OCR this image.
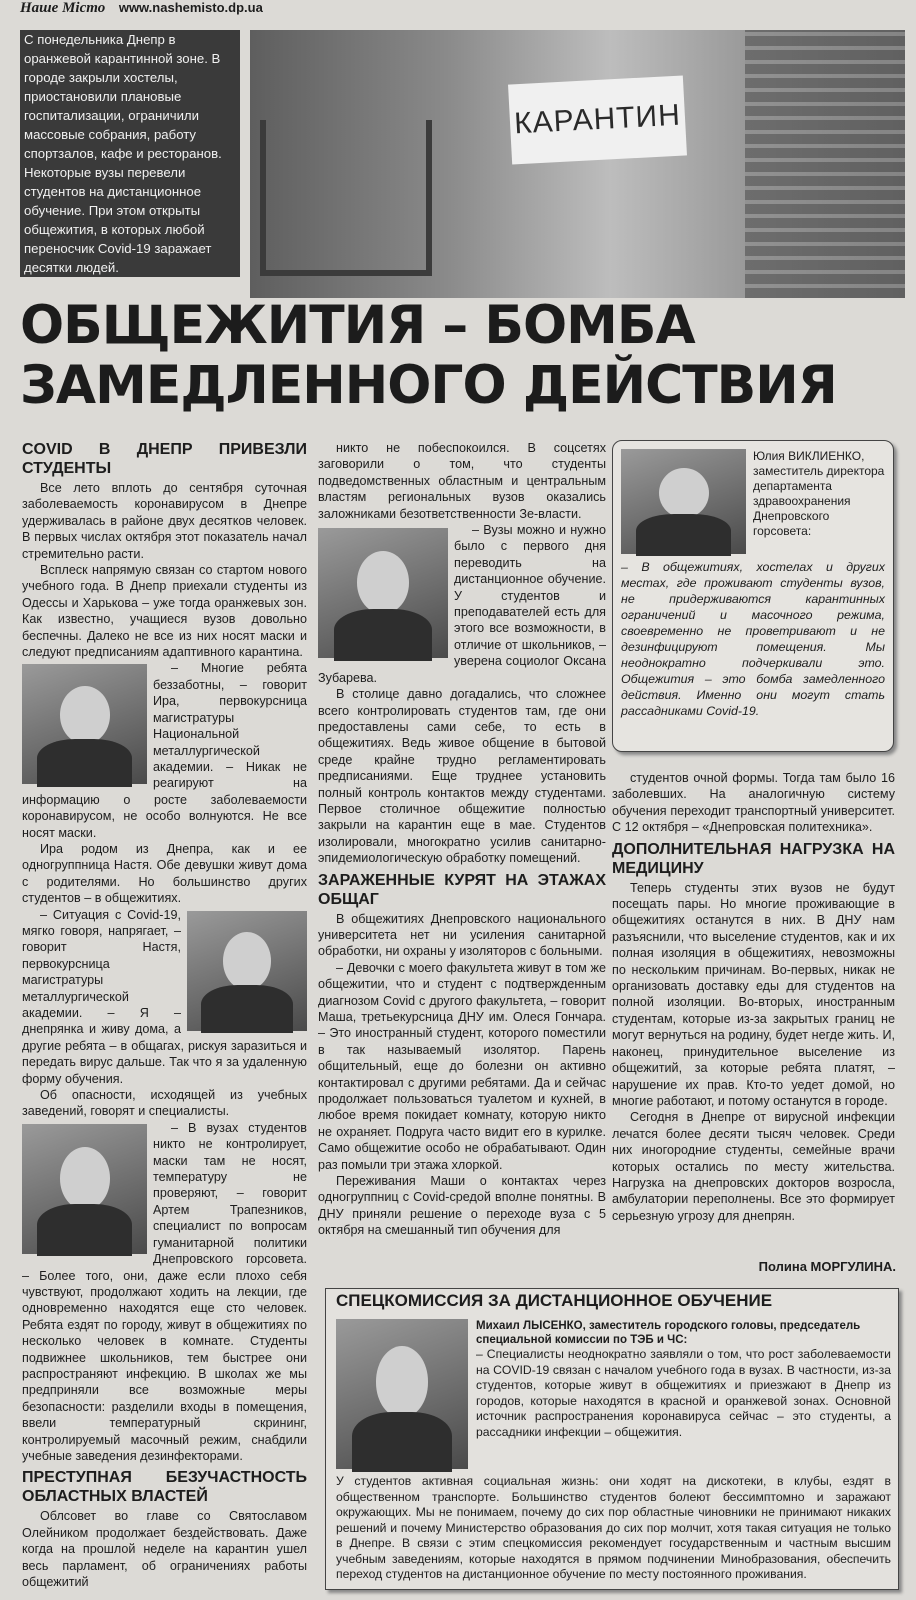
Наше Місто www.nashemisto.dp.ua
С понедельника Днепр в оранжевой карантинной зоне. В городе закрыли хостелы, приостановили плановые госпитализации, ограничили массовые собрания, работу спортзалов, кафе и ресторанов. Некоторые вузы перевели студентов на дистанционное обучение. При этом открыты общежития, в которых любой переносчик Covid-19 заражает десятки людей.
КАРАНТИН
ОБЩЕЖИТИЯ – БОМБА
ЗАМЕДЛЕННОГО ДЕЙСТВИЯ
COVID В ДНЕПР ПРИВЕЗЛИ СТУДЕНТЫ

Все лето вплоть до сентября суточная заболеваемость коронавирусом в Днепре удерживалась в районе двух десятков человек. В первых числах октября этот показатель начал стремительно расти.

Всплеск напрямую связан со стартом нового учебного года. В Днепр приехали студенты из Одессы и Харькова – уже тогда оранжевых зон. Как известно, учащиеся вузов довольно беспечны. Далеко не все из них носят маски и следуют предписаниям адаптивного карантина.

– Многие ребята беззаботны, – говорит Ира, первокурсница магистратуры Национальной металлургической академии. – Никак не реагируют на информацию о росте заболеваемости коронавирусом, не особо волнуются. Не все носят маски.

Ира родом из Днепра, как и ее одногруппница Настя. Обе девушки живут дома с родителями. Но большинство других студентов – в общежитиях.

– Ситуация с Covid-19, мягко говоря, напрягает, – говорит Настя, первокурсница магистратуры металлургической академии. – Я – днепрянка и живу дома, а другие ребята – в общагах, рискуя заразиться и передать вирус дальше. Так что я за удаленную форму обучения.

Об опасности, исходящей из учебных заведений, говорят и специалисты.

– В вузах студентов никто не контролирует, маски там не носят, температуру не проверяют, – говорит Артем Трапезников, специалист по вопросам гуманитарной политики Днепровского горсовета. – Более того, они, даже если плохо себя чувствуют, продолжают ходить на лекции, где одновременно находятся еще сто человек. Ребята ездят по городу, живут в общежитиях по несколько человек в комнате. Студенты подвижнее школьников, тем быстрее они распространяют инфекцию. В школах же мы предприняли все возможные меры безопасности: разделили входы в помещения, ввели температурный скрининг, контролируемый масочный режим, снабдили учебные заведения дезинфекторами.

ПРЕСТУПНАЯ БЕЗУЧАСТНОСТЬ ОБЛАСТНЫХ ВЛАСТЕЙ

Облсовет во главе со Святославом Олейником продолжает бездействовать. Даже когда на прошлой неделе на карантин ушел весь парламент, об ограничениях работы общежитий

никто не побеспокоился. В соцсетях заговорили о том, что студенты подведомственных областным и центральным властям региональных вузов оказались заложниками безответственности Зе-власти.

– Вузы можно и нужно было с первого дня переводить на дистанционное обучение. У студентов и преподавателей есть для этого все возможности, в отличие от школьников, – уверена социолог Оксана Зубарева.

В столице давно догадались, что сложнее всего контролировать студентов там, где они предоставлены сами себе, то есть в общежитиях. Ведь живое общение в бытовой среде крайне трудно регламентировать предписаниями. Еще труднее установить полный контроль контактов между студентами. Первое столичное общежитие полностью закрыли на карантин еще в мае. Студентов изолировали, многократно усилив санитарно-эпидемиологическую обработку помещений.

ЗАРАЖЕННЫЕ КУРЯТ НА ЭТАЖАХ ОБЩАГ

В общежитиях Днепровского национального университета нет ни усиления санитарной обработки, ни охраны у изоляторов с больными.

– Девочки с моего факультета живут в том же общежитии, что и студент с подтвержденным диагнозом Covid с другого факультета, – говорит Маша, третьекурсница ДНУ им. Олеся Гончара. – Это иностранный студент, которого поместили в так называемый изолятор. Парень общительный, еще до болезни он активно контактировал с другими ребятами. Да и сейчас продолжает пользоваться туалетом и кухней, в любое время покидает комнату, которую никто не охраняет. Подруга часто видит его в курилке. Само общежитие особо не обрабатывают. Один раз помыли три этажа хлоркой.

Переживания Маши о контактах через одногруппниц с Covid-средой вполне понятны. В ДНУ приняли решение о переходе вуза с 5 октября на смешанный тип обучения для

Юлия ВИКЛИЕНКО, заместитель директора департамента здравоохранения Днепровского горсовета:
– В общежитиях, хостелах и других местах, где проживают студенты вузов, не придерживаются карантинных ограничений и масочного режима, своевременно не проветривают и не дезинфицируют помещения. Мы неоднократно подчеркивали это. Общежития – это бомба замедленного действия. Именно они могут стать рассадниками Covid-19.

студентов очной формы. Тогда там было 16 заболевших. На аналогичную систему обучения переходит транспортный университет. С 12 октября – «Днепровская политехника».

ДОПОЛНИТЕЛЬНАЯ НАГРУЗКА НА МЕДИЦИНУ

Теперь студенты этих вузов не будут посещать пары. Но многие проживающие в общежитиях останутся в них. В ДНУ нам разъяснили, что выселение студентов, как и их полная изоляция в общежитиях, невозможны по нескольким причинам. Во-первых, никак не организовать доставку еды для студентов на полной изоляции. Во-вторых, иностранным студентам, которые из-за закрытых границ не могут вернуться на родину, будет негде жить. И, наконец, принудительное выселение из общежитий, за которые ребята платят, – нарушение их прав. Кто-то уедет домой, но многие работают, и потому останутся в городе.

Сегодня в Днепре от вирусной инфекции лечатся более десяти тысяч человек. Среди них иногородние студенты, семейные врачи которых остались по месту жительства. Нагрузка на днепровских докторов возросла, амбулатории переполнены. Все это формирует серьезную угрозу для днепрян.

Полина МОРГУЛИНА.
СПЕЦКОМИССИЯ ЗА ДИСТАНЦИОННОЕ ОБУЧЕНИЕ
Михаил ЛЫСЕНКО, заместитель городского головы, председатель специальной комиссии по ТЭБ и ЧС:
– Специалисты неоднократно заявляли о том, что рост заболеваемости на COVID-19 связан с началом учебного года в вузах. В частности, из-за студентов, которые живут в общежитиях и приезжают в Днепр из городов, которые находятся в красной и оранжевой зонах. Основной источник распространения коронавируса сейчас – это студенты, а рассадники инфекции – общежития.
У студентов активная социальная жизнь: они ходят на дискотеки, в клубы, ездят в общественном транспорте. Большинство студентов болеют бессимптомно и заражают окружающих. Мы не понимаем, почему до сих пор областные чиновники не принимают никаких решений и почему Министерство образования до сих пор молчит, хотя такая ситуация не только в Днепре. В связи с этим спецкомиссия рекомендует государственным и частным высшим учебным заведениям, которые находятся в прямом подчинении Минобразования, обеспечить переход студентов на дистанционное обучение по месту постоянного проживания.
